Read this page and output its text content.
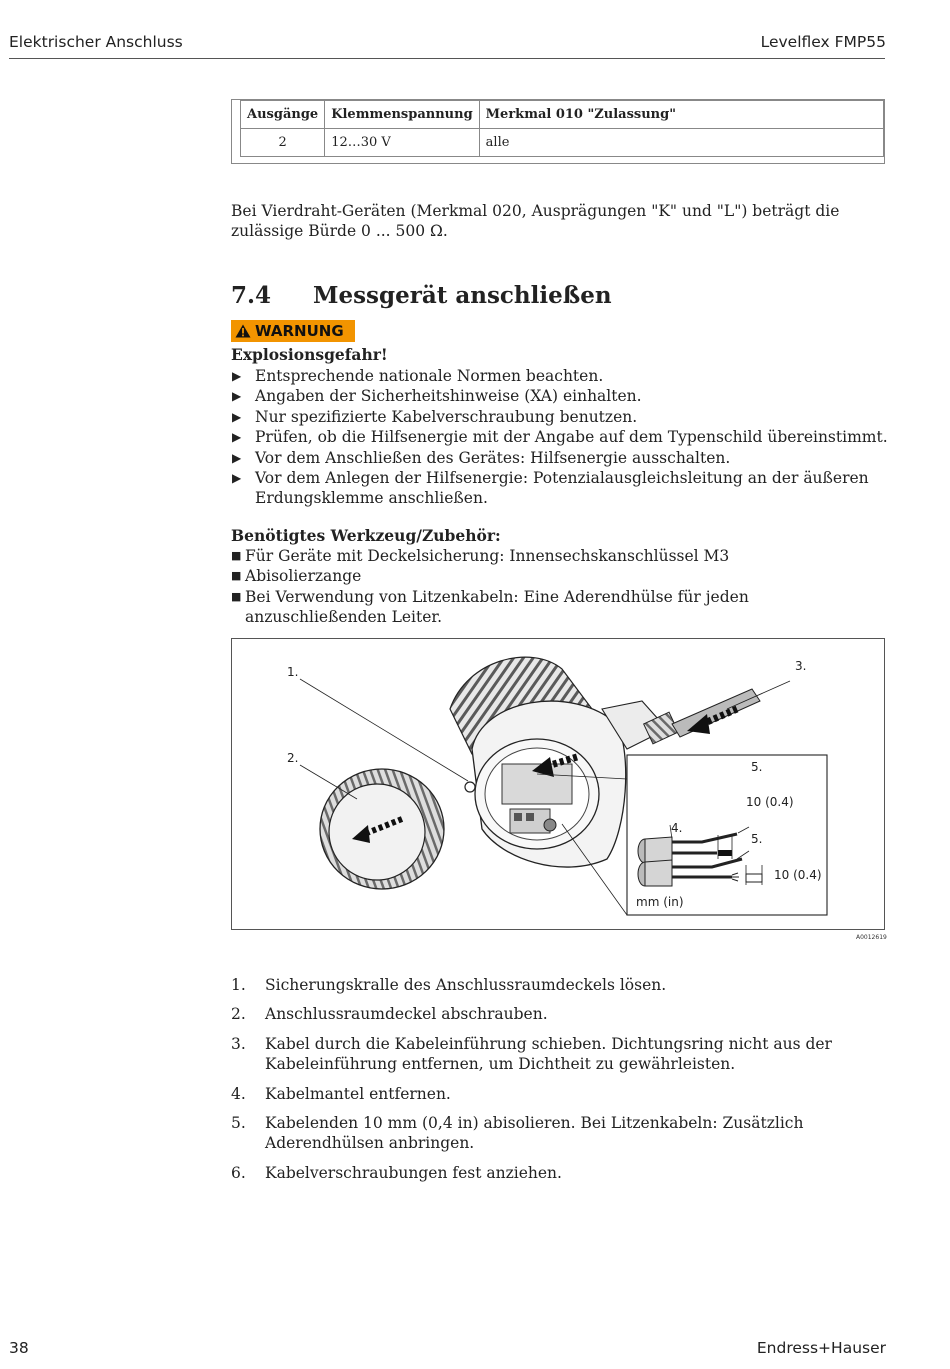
Elektrischer Anschluss	Levelflex FMP55
Ausgänge	Klemmenspannung	Merkmal 010 "Zulassung"
2	12…30 V	alle

Bei Vierdraht-Geräten (Merkmal 020, Ausprägungen "K" und "L") beträgt die zulässige Bürde 0 ... 500 Ω.

7.4 Messgerät anschließen
WARNUNG
Explosionsgefahr!
▶ Entsprechende nationale Normen beachten.
▶ Angaben der Sicherheitshinweise (XA) einhalten.
▶ Nur spezifizierte Kabelverschraubung benutzen.
▶ Prüfen, ob die Hilfsenergie mit der Angabe auf dem Typenschild übereinstimmt.
▶ Vor dem Anschließen des Gerätes: Hilfsenergie ausschalten.
▶ Vor dem Anlegen der Hilfsenergie: Potenzialausgleichsleitung an der äußeren Erdungsklemme anschließen.
Benötigtes Werkzeug/Zubehör:
■ Für Geräte mit Deckelsicherung: Innensechskanschlüssel M3
■ Abisolierzange
■ Bei Verwendung von Litzenkabeln: Eine Aderendhülse für jeden anzuschließenden Leiter.
1.
2.
3.
4.
5.
5.
10 (0.4)
10 (0.4)
mm (in)
A0012619
1. Sicherungskralle des Anschlussraumdeckels lösen.
2. Anschlussraumdeckel abschrauben.
3. Kabel durch die Kabeleinführung schieben. Dichtungsring nicht aus der Kabeleinführung entfernen, um Dichtheit zu gewährleisten.
4. Kabelmantel entfernen.
5. Kabelenden 10 mm (0,4 in) abisolieren. Bei Litzenkabeln: Zusätzlich Aderendhülsen anbringen.
6. Kabelverschraubungen fest anziehen.
38	Endress+Hauser
